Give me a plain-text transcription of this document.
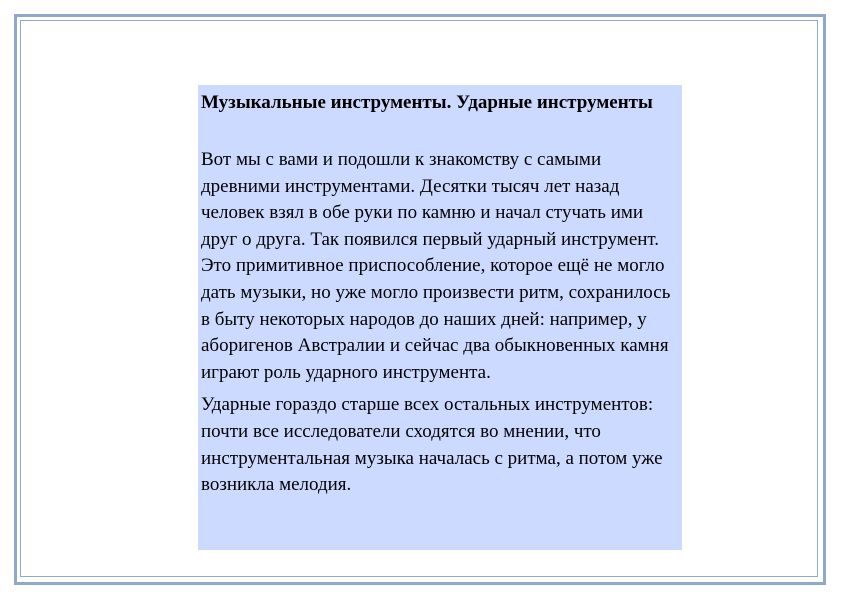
Музыкальные инструменты. Ударные инструменты

Вот мы с вами и подошли к знакомству с самыми древними инструментами. Десятки тысяч лет назад человек взял в обе руки по камню и начал стучать ими друг о друга. Так появился первый ударный инструмент. Это примитивное приспособление, которое ещё не могло дать музыки, но уже могло произвести ритм, сохранилось в быту некоторых народов до наших дней: например, у аборигенов Австралии и сейчас два обыкновенных камня играют роль ударного инструмента.

Ударные гораздо старше всех остальных инструментов: почти все исследователи сходятся во мнении, что инструментальная музыка началась с ритма, а потом уже возникла мелодия.
